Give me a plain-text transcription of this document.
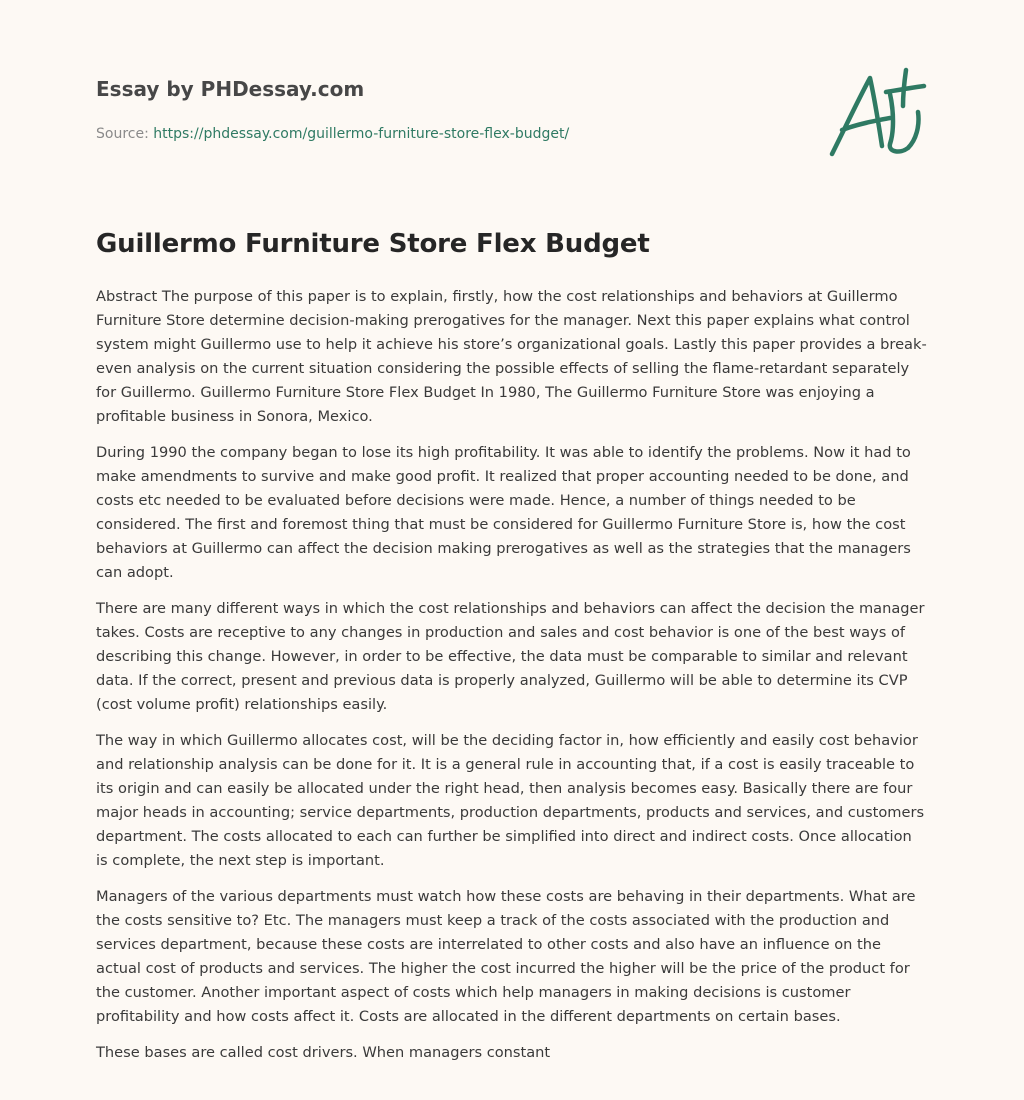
Essay by PHDessay.com
Source: https://phdessay.com/guillermo-furniture-store-flex-budget/
Guillermo Furniture Store Flex Budget

Abstract The purpose of this paper is to explain, firstly, how the cost relationships and behaviors at Guillermo Furniture Store determine decision-making prerogatives for the manager. Next this paper explains what control system might Guillermo use to help it achieve his store’s organizational goals. Lastly this paper provides a break-even analysis on the current situation considering the possible effects of selling the flame-retardant separately for Guillermo. Guillermo Furniture Store Flex Budget In 1980, The Guillermo Furniture Store was enjoying a profitable business in Sonora, Mexico.

During 1990 the company began to lose its high profitability. It was able to identify the problems. Now it had to make amendments to survive and make good profit. It realized that proper accounting needed to be done, and costs etc needed to be evaluated before decisions were made. Hence, a number of things needed to be considered. The first and foremost thing that must be considered for Guillermo Furniture Store is, how the cost behaviors at Guillermo can affect the decision making prerogatives as well as the strategies that the managers can adopt.

There are many different ways in which the cost relationships and behaviors can affect the decision the manager takes. Costs are receptive to any changes in production and sales and cost behavior is one of the best ways of describing this change. However, in order to be effective, the data must be comparable to similar and relevant data. If the correct, present and previous data is properly analyzed, Guillermo will be able to determine its CVP (cost volume profit) relationships easily.

The way in which Guillermo allocates cost, will be the deciding factor in, how efficiently and easily cost behavior and relationship analysis can be done for it. It is a general rule in accounting that, if a cost is easily traceable to its origin and can easily be allocated under the right head, then analysis becomes easy. Basically there are four major heads in accounting; service departments, production departments, products and services, and customers department. The costs allocated to each can further be simplified into direct and indirect costs. Once allocation is complete, the next step is important.

Managers of the various departments must watch how these costs are behaving in their departments. What are the costs sensitive to? Etc. The managers must keep a track of the costs associated with the production and services department, because these costs are interrelated to other costs and also have an influence on the actual cost of products and services. The higher the cost incurred the higher will be the price of the product for the customer. Another important aspect of costs which help managers in making decisions is customer profitability and how costs affect it. Costs are allocated in the different departments on certain bases.

These bases are called cost drivers. When managers constant
